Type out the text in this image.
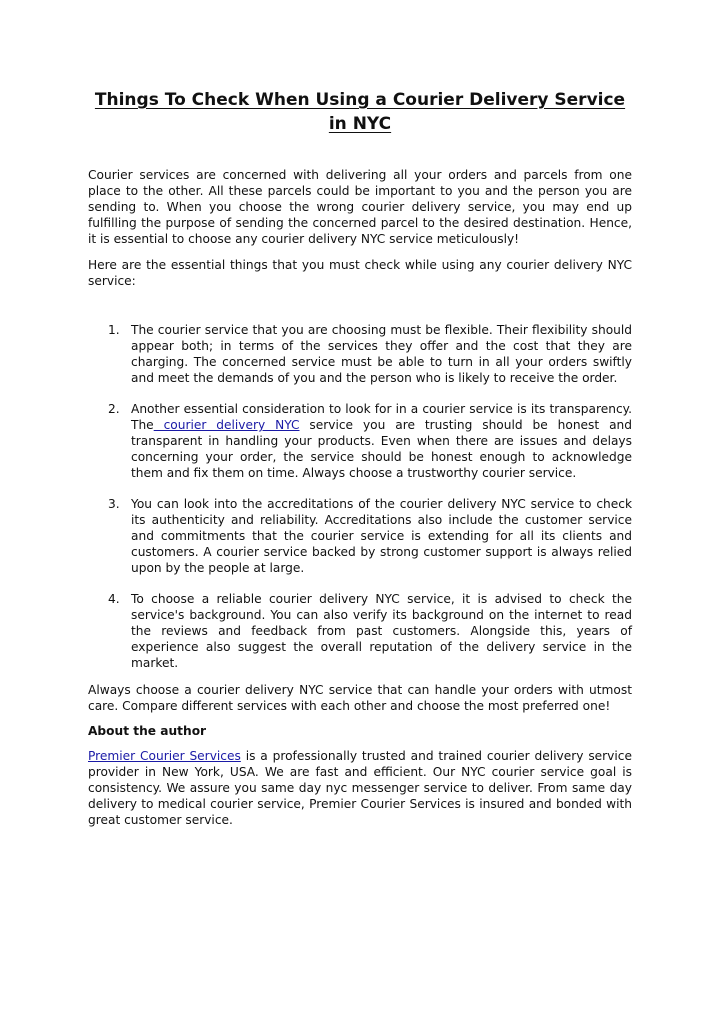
Things To Check When Using a Courier Delivery Service
in NYC

Courier services are concerned with delivering all your orders and parcels from one place to the other. All these parcels could be important to you and the person you are sending to. When you choose the wrong courier delivery service, you may end up fulfilling the purpose of sending the concerned parcel to the desired destination. Hence, it is essential to choose any courier delivery NYC service meticulously!

Here are the essential things that you must check while using any courier delivery NYC service:

1. The courier service that you are choosing must be flexible. Their flexibility should appear both; in terms of the services they offer and the cost that they are charging. The concerned service must be able to turn in all your orders swiftly and meet the demands of you and the person who is likely to receive the order.
2. Another essential consideration to look for in a courier service is its transparency. The courier delivery NYC service you are trusting should be honest and transparent in handling your products. Even when there are issues and delays concerning your order, the service should be honest enough to acknowledge them and fix them on time. Always choose a trustworthy courier service.
3. You can look into the accreditations of the courier delivery NYC service to check its authenticity and reliability. Accreditations also include the customer service and commitments that the courier service is extending for all its clients and customers. A courier service backed by strong customer support is always relied upon by the people at large.
4. To choose a reliable courier delivery NYC service, it is advised to check the service's background. You can also verify its background on the internet to read the reviews and feedback from past customers. Alongside this, years of experience also suggest the overall reputation of the delivery service in the market.

Always choose a courier delivery NYC service that can handle your orders with utmost care. Compare different services with each other and choose the most preferred one!

About the author

Premier Courier Services is a professionally trusted and trained courier delivery service provider in New York, USA. We are fast and efficient. Our NYC courier service goal is consistency. We assure you same day nyc messenger service to deliver. From same day delivery to medical courier service, Premier Courier Services is insured and bonded with great customer service.
